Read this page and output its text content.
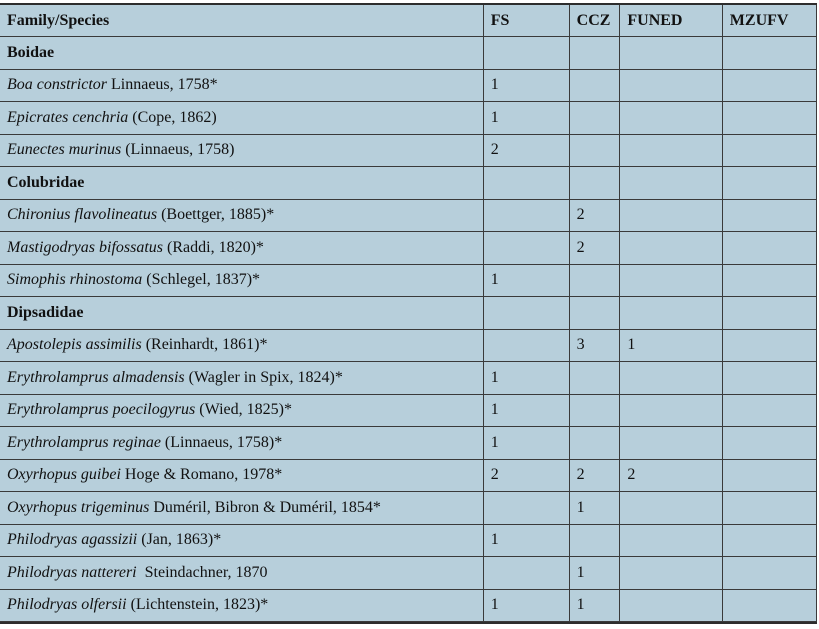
Family/Species	FS	CCZ	FUNED	MZUFV
Boidae				
Boa constrictor Linnaeus, 1758*	1			
Epicrates cenchria (Cope, 1862)	1			
Eunectes murinus (Linnaeus, 1758)	2			
Colubridae				
Chironius flavolineatus (Boettger, 1885)*		2		
Mastigodryas bifossatus (Raddi, 1820)*		2		
Simophis rhinostoma (Schlegel, 1837)*	1			
Dipsadidae				
Apostolepis assimilis (Reinhardt, 1861)*		3	1	
Erythrolamprus almadensis (Wagler in Spix, 1824)*	1			
Erythrolamprus poecilogyrus (Wied, 1825)*	1			
Erythrolamprus reginae (Linnaeus, 1758)*	1			
Oxyrhopus guibei Hoge & Romano, 1978*	2	2	2	
Oxyrhopus trigeminus Duméril, Bibron & Duméril, 1854*		1		
Philodryas agassizii (Jan, 1863)*	1			
Philodryas nattereri  Steindachner, 1870		1		
Philodryas olfersii (Lichtenstein, 1823)*	1	1		
